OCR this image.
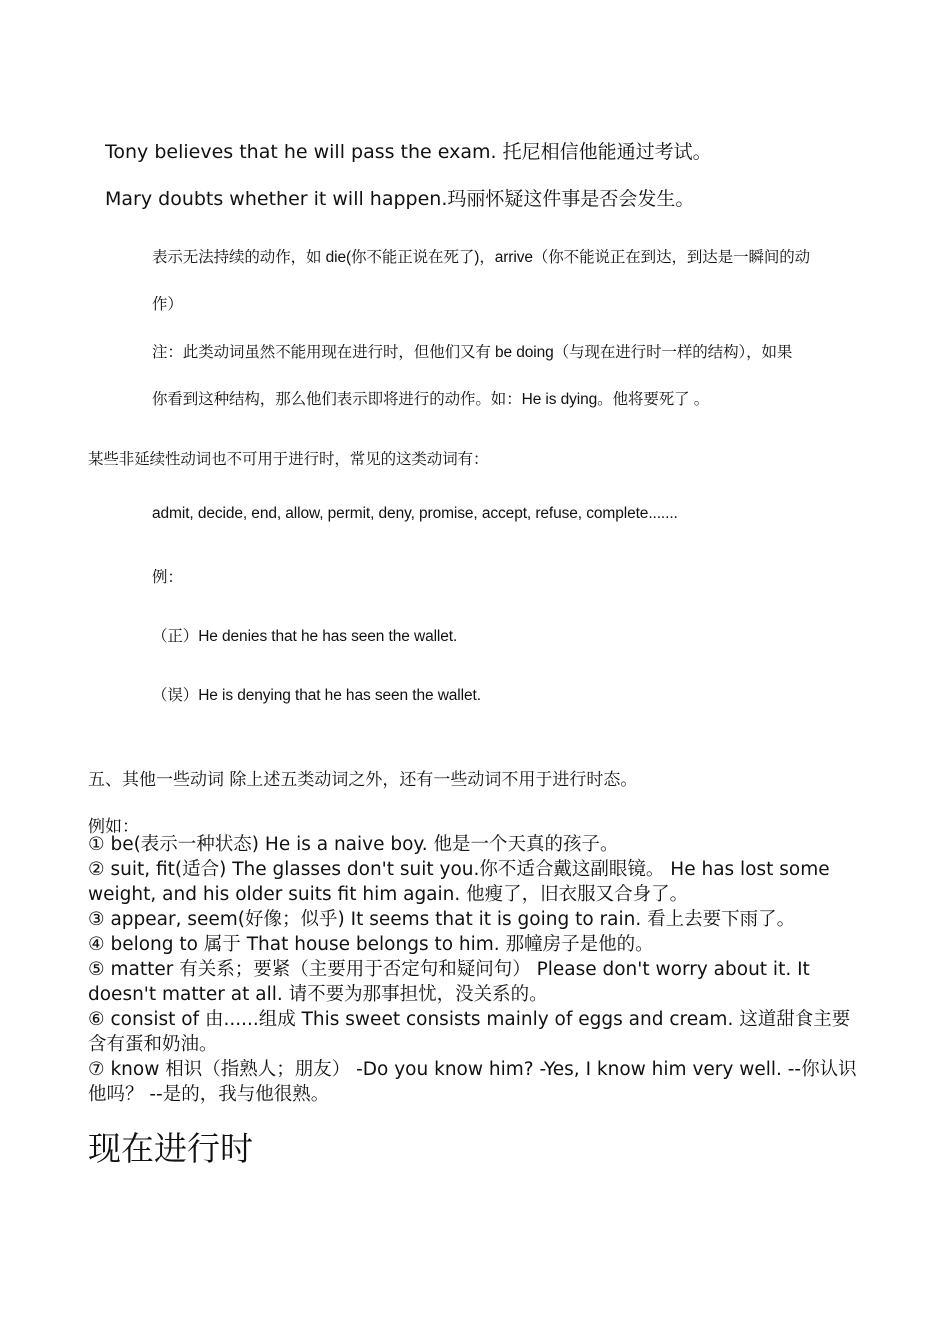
Tony believes that he will pass the exam. 托尼相信他能通过考试。
Mary doubts whether it will happen.玛丽怀疑这件事是否会发生。
表示无法持续的动作，如 die(你不能正说在死了)，arrive（你不能说正在到达，到达是一瞬间的动
作）
注：此类动词虽然不能用现在进行时，但他们又有 be doing（与现在进行时一样的结构），如果
你看到这种结构，那么他们表示即将进行的动作。如：He is dying。他将要死了 。
某些非延续性动词也不可用于进行时，常见的这类动词有：
admit, decide, end, allow, permit, deny, promise, accept, refuse, complete.......
例：
（正）He denies that he has seen the wallet.
（误）He is denying that he has seen the wallet.
五、其他一些动词 除上述五类动词之外，还有一些动词不用于进行时态。
例如：
① be(表示一种状态) He is a naive boy. 他是一个天真的孩子。
② suit, fit(适合) The glasses don't suit you.你不适合戴这副眼镜。 He has lost some weight, and his older suits fit him again. 他瘦了，旧衣服又合身了。
③ appear, seem(好像；似乎) It seems that it is going to rain. 看上去要下雨了。
④ belong to 属于 That house belongs to him. 那幢房子是他的。
⑤ matter 有关系；要紧（主要用于否定句和疑问句） Please don't worry about it. It doesn't matter at all. 请不要为那事担忧，没关系的。
⑥ consist of 由......组成 This sweet consists mainly of eggs and cream. 这道甜食主要含有蛋和奶油。
⑦ know 相识（指熟人；朋友） -Do you know him? -Yes, I know him very well. --你认识他吗？ --是的，我与他很熟。
现在进行时
